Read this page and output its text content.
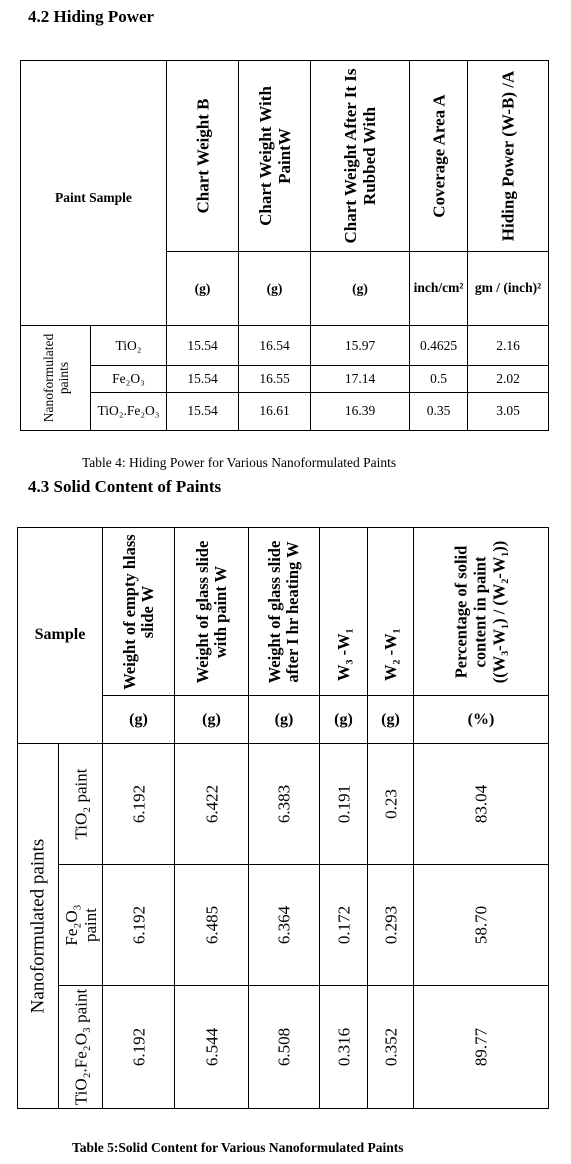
4.2 Hiding Power
Paint Sample		Chart Weight B	Chart Weight With PaintW	Chart Weight After It Is Rubbed With	Coverage Area A	Hiding Power (W-B) /A

		(g)	(g)	(g)	inch/cm²	gm / (inch)²

Nanoformulated paints	TiO₂	15.54	16.54	15.97	0.4625	2.16
	Fe₂O₃	15.54	16.55	17.14	0.5	2.02

	TiO₂.Fe₂O₃	15.54	16.61	16.39	0.35	3.05
Table 4: Hiding Power for Various Nanoformulated Paints
4.3 Solid Content of Paints
Sample		Weight of empty hlass slide W	Weight of glass slide with paint W	Weight of glass slide after I hr heating W	W₃ -W₁	W₂ -W₁	Percentage of solid content in paint ((W₃-W₁) / (W₂-W₁))

		(g)	(g)	(g)	(g)	(g)	(%)

Nanoformulated paints	TiO₂ paint	6.192	6.422	6.383	0.191	0.23	83.04

	Fe₂O₃ paint	6.192	6.485	6.364	0.172	0.293	58.70

	TiO₂.Fe₂O₃ paint	6.192	6.544	6.508	0.316	0.352	89.77
Table 5:Solid Content for Various Nanoformulated Paints
